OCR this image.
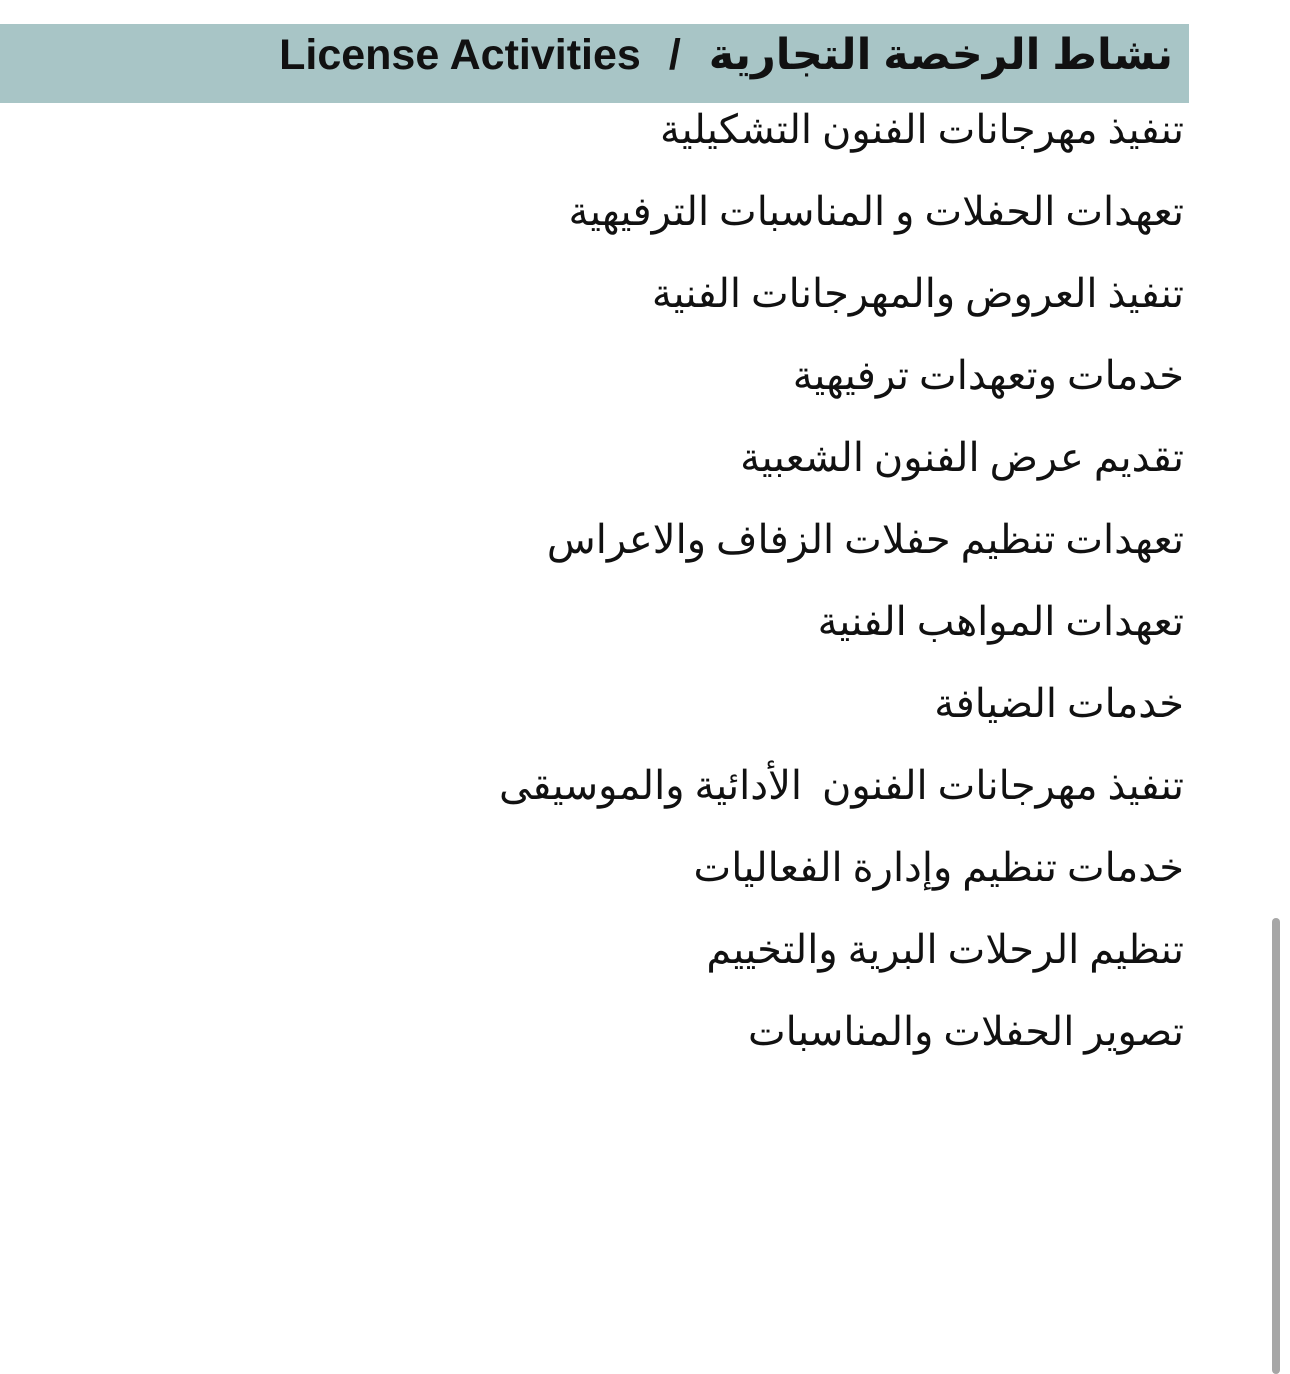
نشاط الرخصة التجارية
/
License Activities
تنفيذ مهرجانات الفنون التشكيلية
تعهدات الحفلات و المناسبات الترفيهية
تنفيذ العروض والمهرجانات الفنية
خدمات وتعهدات ترفيهية
تقديم عرض الفنون الشعبية
تعهدات تنظيم حفلات الزفاف والاعراس
تعهدات المواهب الفنية
خدمات الضيافة
تنفيذ مهرجانات الفنون  الأدائية والموسيقى
خدمات تنظيم وإدارة الفعاليات
تنظيم الرحلات البرية والتخييم
تصوير الحفلات والمناسبات
